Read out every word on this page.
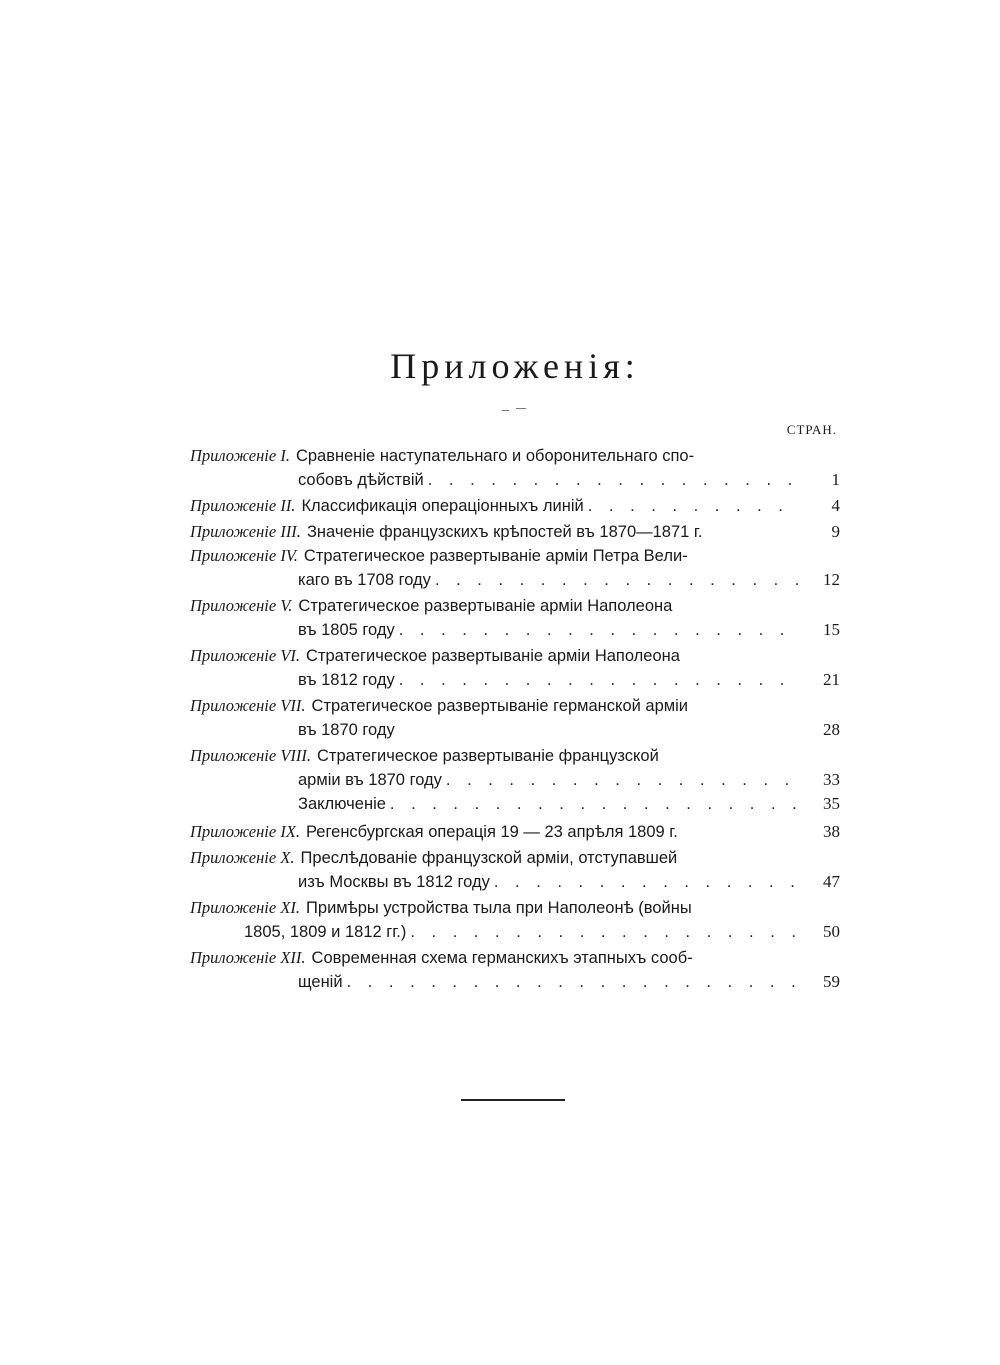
Приложенія:
СТРАН.
Приложеніе I. Сравненіе наступательнаго и оборонительнаго спо-
собовъ дѣйствій . . .	1
Приложеніе II. Классификація операціонныхъ линій . . .	4
Приложеніе III. Значеніе французскихъ крѣпостей въ 1870—1871 г.	9
Приложеніе IV. Стратегическое развертываніе арміи Петра Вели-
каго въ 1708 году . . .	12
Приложеніе V. Стратегическое развертываніе арміи Наполеона
въ 1805 году . . .	15
Приложеніе VI. Стратегическое развертываніе арміи Наполеона
въ 1812 году . . .	21
Приложеніе VII. Стратегическое развертываніе германской арміи
въ 1870 году	28
Приложеніе VIII. Стратегическое развертываніе французской
арміи въ 1870 году . . .	33
Заключеніе . . .	35
Приложеніе IX. Регенсбургская операція 19 — 23 апрѣля 1809 г.	38
Приложеніе X. Преслѣдованіе французской арміи, отступавшей
изъ Москвы въ 1812 году . . .	47
Приложеніе XI. Примѣры устройства тыла при Наполеонѣ (войны
1805, 1809 и 1812 гг.) . . .	50
Приложеніе XII. Современная схема германскихъ этапныхъ сооб-
щеній . . .	59
